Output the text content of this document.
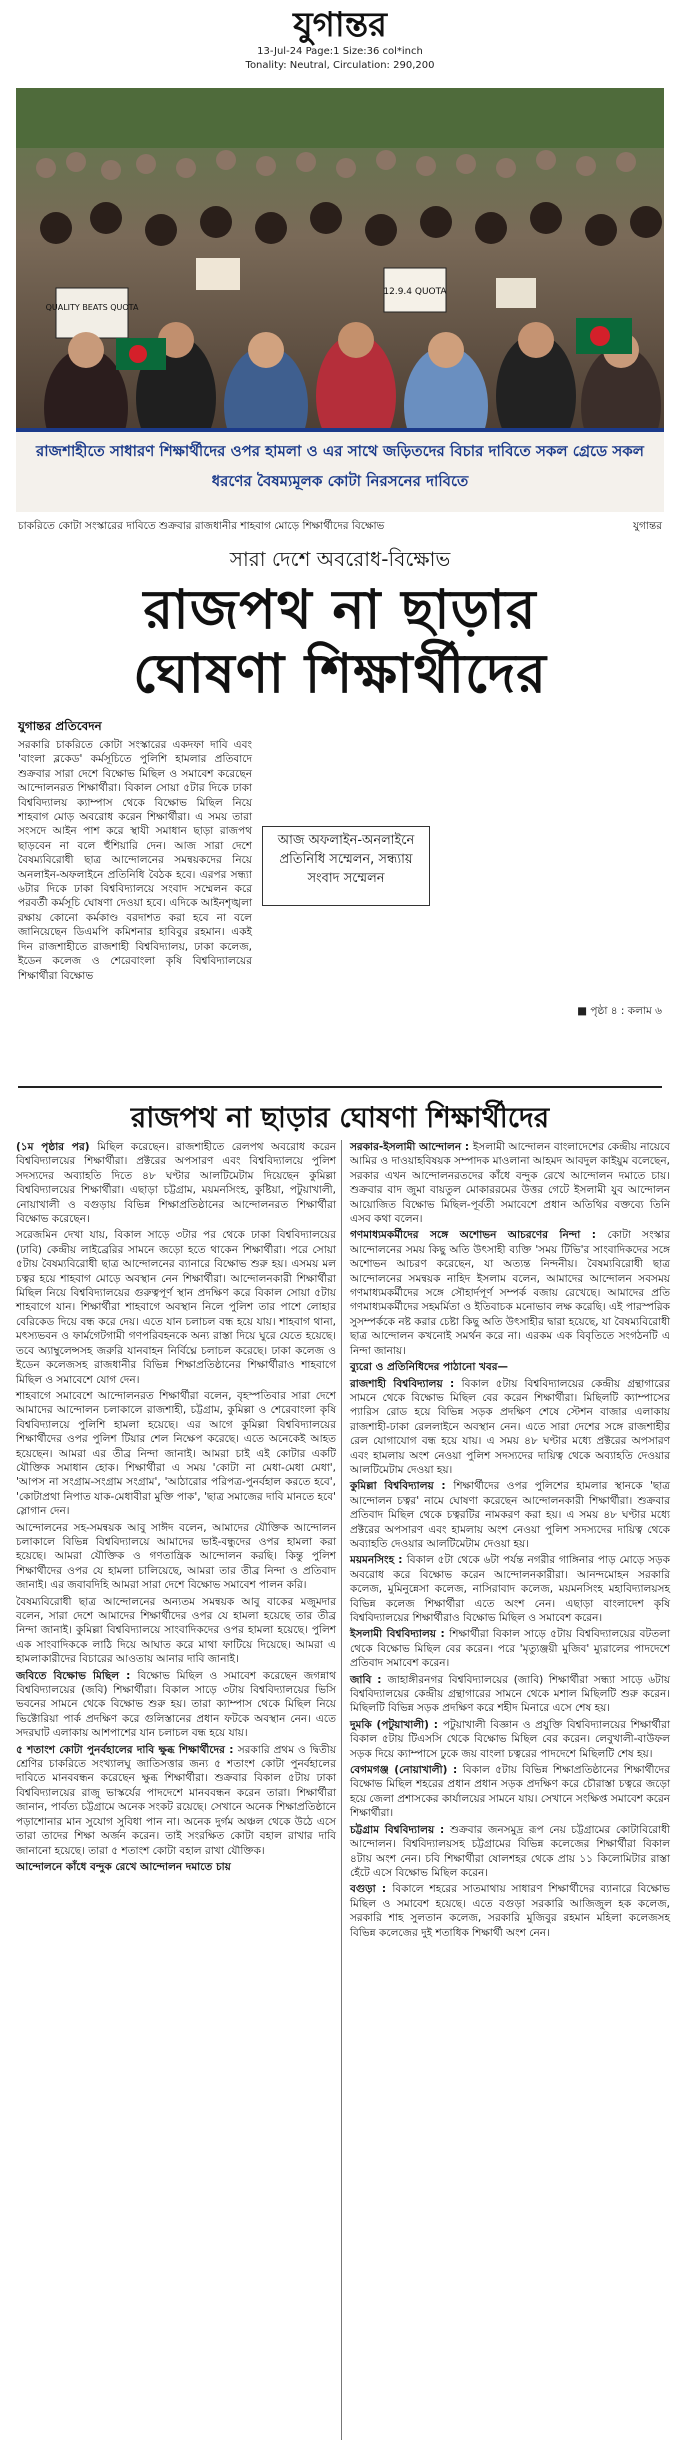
যুগান্তর
13-Jul-24 Page:1 Size:36 col*inch
Tonality: Neutral, Circulation: 290,200
QUALITY BEATS QUOTA
12.9.4 QUOTA
রাজশাহীতে সাধারণ শিক্ষার্থীদের ওপর হামলা ও এর সাথে জড়িতদের বিচার দাবিতে সকল গ্রেডে সকল ধরণের বৈষম্যমূলক কোটা নিরসনের দাবিতে
চাকরিতে কোটা সংস্কারের দাবিতে শুক্রবার রাজধানীর শাহবাগ মোড়ে শিক্ষার্থীদের বিক্ষোভ	যুগান্তর
সারা দেশে অবরোধ-বিক্ষোভ
রাজপথ না ছাড়ার
ঘোষণা শিক্ষার্থীদের
যুগান্তর প্রতিবেদন
সরকারি চাকরিতে কোটা সংস্কারের একদফা দাবি এবং 'বাংলা ব্লকেড' কর্মসূচিতে পুলিশি হামলার প্রতিবাদে শুক্রবার সারা দেশে বিক্ষোভ মিছিল ও সমাবেশ করেছেন আন্দোলনরত শিক্ষার্থীরা। বিকাল সোয়া ৫টার দিকে ঢাকা বিশ্ববিদ্যালয় ক্যাম্পাস থেকে বিক্ষোভ মিছিল নিয়ে শাহবাগ মোড় অবরোধ করেন শিক্ষার্থীরা। এ সময় তারা সংসদে আইন পাশ করে স্থাযী সমাধান ছাড়া রাজপথ ছাড়বেন না বলে হুঁশিয়ারি দেন। আজ সারা দেশে বৈষম্যবিরোধী ছাত্র আন্দোলনের সমন্বয়কদের নিয়ে অনলাইন-অফলাইনে প্রতিনিধি বৈঠক হবে। এরপর সন্ধ্যা ৬টার দিকে ঢাকা বিশ্ববিদ্যালয়ে সংবাদ সম্মেলন করে পরবর্তী কর্মসূচি ঘোষণা দেওয়া হবে। এদিকে আইনশৃঙ্খলা রক্ষায় কোনো কর্মকাণ্ড বরদাশত করা হবে না বলে জানিয়েছেন ডিএমপি কমিশনার হাবিবুর রহমান। একই দিন রাজশাহীতে রাজশাহী বিশ্ববিদ্যালয়, ঢাকা কলেজ, ইডেন কলেজ ও শেরেবাংলা কৃষি বিশ্ববিদ্যালয়ের শিক্ষার্থীরা বিক্ষোভ
আজ অফলাইন-অনলাইনে
প্রতিনিধি সম্মেলন, সন্ধ্যায়
সংবাদ সম্মেলন
■ পৃষ্ঠা ৪ : কলাম ৬
রাজপথ না ছাড়ার ঘোষণা শিক্ষার্থীদের

(১ম পৃষ্ঠার পর) মিছিল করেছেন। রাজশাহীতে রেলপথ অবরোধ করেন বিশ্ববিদ্যালয়ের শিক্ষার্থীরা। প্রক্টরের অপসারণ এবং বিশ্ববিদ্যালয়ে পুলিশ সদস্যদের অব্যাহতি দিতে ৪৮ ঘণ্টার আলটিমেটাম দিয়েছেন কুমিল্লা বিশ্ববিদ্যালয়ের শিক্ষার্থীরা। এছাড়া চট্টগ্রাম, ময়মনসিংহ, কুষ্টিয়া, পটুয়াখালী, নোয়াখালী ও বগুড়ায় বিভিন্ন শিক্ষাপ্রতিষ্ঠানের আন্দোলনরত শিক্ষার্থীরা বিক্ষোভ করেছেন।

সরেজমিন দেখা যায়, বিকাল সাড়ে ৩টার পর থেকে ঢাকা বিশ্ববিদ্যালয়ের (ঢাবি) কেন্দ্রীয় লাইব্রেরির সামনে জড়ো হতে থাকেন শিক্ষার্থীরা। পরে সোয়া ৫টায় বৈষম্যবিরোধী ছাত্র আন্দোলনের ব্যানারে বিক্ষোভ শুরু হয়। এসময় মল চত্বর হয়ে শাহবাগ মোড়ে অবস্থান নেন শিক্ষার্থীরা। আন্দোলনকারী শিক্ষার্থীরা মিছিল নিয়ে বিশ্ববিদ্যালয়ের গুরুত্বপূর্ণ স্থান প্রদক্ষিণ করে বিকাল সোয়া ৫টায় শাহবাগে যান। শিক্ষার্থীরা শাহবাগে অবস্থান নিলে পুলিশ তার পাশে লোহার বেরিকেড দিয়ে বন্ধ করে দেয়। এতে যান চলাচল বন্ধ হয়ে যায়। শাহবাগ থানা, মৎস্যভবন ও ফার্মগেটগামী গণপরিবহনকে অন্য রাস্তা দিয়ে ঘুরে যেতে হয়েছে। তবে অ্যাম্বুলেন্সসহ জরুরি যানবাহন নির্বিঘ্নে চলাচল করেছে। ঢাকা কলেজ ও ইডেন কলেজসহ রাজধানীর বিভিন্ন শিক্ষাপ্রতিষ্ঠানের শিক্ষার্থীরাও শাহবাগে মিছিল ও সমাবেশে যোগ দেন।

শাহবাগে সমাবেশে আন্দোলনরত শিক্ষার্থীরা বলেন, বৃহস্পতিবার সারা দেশে আমাদের আন্দোলন চলাকালে রাজশাহী, চট্টগ্রাম, কুমিল্লা ও শেরেবাংলা কৃষি বিশ্ববিদ্যালয়ে পুলিশি হামলা হয়েছে। এর আগে কুমিল্লা বিশ্ববিদ্যালয়ের শিক্ষার্থীদের ওপর পুলিশ টিয়ার শেল নিক্ষেপ করেছে। এতে অনেকেই আহত হয়েছেন। আমরা এর তীব্র নিন্দা জানাই। আমরা চাই এই কোটার একটি যৌক্তিক সমাধান হোক। শিক্ষার্থীরা এ সময় 'কোটা না মেধা-মেধা মেধা', 'আপস না সংগ্রাম-সংগ্রাম সংগ্রাম', 'আঠারোর পরিপত্র-পুনর্বহাল করতে হবে', 'কোটাপ্রথা নিপাত যাক-মেধাবীরা মুক্তি পাক', 'ছাত্র সমাজের দাবি মানতে হবে' স্লোগান দেন।

আন্দোলনের সহ-সমন্বয়ক আবু সাঈদ বলেন, আমাদের যৌক্তিক আন্দোলন চলাকালে বিভিন্ন বিশ্ববিদ্যালয়ে আমাদের ভাই-বন্ধুদের ওপর হামলা করা হয়েছে। আমরা যৌক্তিক ও গণতান্ত্রিক আন্দোলন করছি। কিন্তু পুলিশ শিক্ষার্থীদের ওপর যে হামলা চালিয়েছে, আমরা তার তীব্র নিন্দা ও প্রতিবাদ জানাই। এর জবাবদিহি আমরা সারা দেশে বিক্ষোভ সমাবেশ পালন করি।

বৈষম্যবিরোধী ছাত্র আন্দোলনের অন্যতম সমন্বয়ক আবু বাকের মজুমদার বলেন, সারা দেশে আমাদের শিক্ষার্থীদের ওপর যে হামলা হয়েছে তার তীব্র নিন্দা জানাই। কুমিল্লা বিশ্ববিদ্যালয়ে সাংবাদিকদের ওপর হামলা হয়েছে। পুলিশ এক সাংবাদিককে লাঠি দিয়ে আঘাত করে মাথা ফাটিয়ে দিয়েছে। আমরা এ হামলাকারীদের বিচারের আওতায় আনার দাবি জানাই।

জবিতে বিক্ষোভ মিছিল : বিক্ষোভ মিছিল ও সমাবেশ করেছেন জগন্নাথ বিশ্ববিদ্যালয়ের (জবি) শিক্ষার্থীরা। বিকাল সাড়ে ৩টায় বিশ্ববিদ্যালয়ের ভিসি ভবনের সামনে থেকে বিক্ষোভ শুরু হয়। তারা ক্যাম্পাস থেকে মিছিল নিয়ে ভিক্টোরিয়া পার্ক প্রদক্ষিণ করে গুলিস্তানের প্রধান ফটকে অবস্থান নেন। এতে সদরঘাট এলাকায় আশপাশের যান চলাচল বন্ধ হয়ে যায়।

৫ শতাংশ কোটা পুনর্বহালের দাবি ক্ষুব্ধ শিক্ষার্থীদের : সরকারি প্রথম ও দ্বিতীয় শ্রেণির চাকরিতে সংখ্যালঘু জাতিসত্তার জন্য ৫ শতাংশ কোটা পুনর্বহালের দাবিতে মানববন্ধন করেছেন ক্ষুব্ধ শিক্ষার্থীরা। শুক্রবার বিকাল ৫টায় ঢাকা বিশ্ববিদ্যালয়ের রাজু ভাস্কর্যের পাদদেশে মানববন্ধন করেন তারা। শিক্ষার্থীরা জানান, পার্বত্য চট্টগ্রামে অনেক সংকট রয়েছে। সেখানে অনেক শিক্ষাপ্রতিষ্ঠানে পড়াশোনার মান সুযোগ সুবিধা পান না। অনেক দুর্গম অঞ্চল থেকে উঠে এসে তারা তাদের শিক্ষা অর্জন করেন। তাই সংরক্ষিত কোটা বহাল রাখার দাবি জানানো হয়েছে। তারা ৫ শতাংশ কোটা বহাল রাখা যৌক্তিক।

আন্দোলনে কাঁধে বন্দুক রেখে আন্দোলন দমাতে চায়

সরকার-ইসলামী আন্দোলন : ইসলামী আন্দোলন বাংলাদেশের কেন্দ্রীয় নায়েবে আমির ও দাওয়াহবিষয়ক সম্পাদক মাওলানা আহমদ আবদুল কাইয়ুম বলেছেন, সরকার এখন আন্দোলনরতদের কাঁধে বন্দুক রেখে আন্দোলন দমাতে চায়। শুক্রবার বাদ জুমা বায়তুল মোকাররমের উত্তর গেটে ইসলামী যুব আন্দোলন আয়োজিত বিক্ষোভ মিছিল-পূর্বতী সমাবেশে প্রধান অতিথির বক্তব্যে তিনি এসব কথা বলেন।

গণমাধ্যমকর্মীদের সঙ্গে অশোভন আচরণের নিন্দা : কোটা সংস্কার আন্দোলনের সময় কিছু অতি উৎসাহী ব্যক্তি 'সময় টিভি'র সাংবাদিকদের সঙ্গে অশোভন আচরণ করেছেন, যা অত্যন্ত নিন্দনীয়। বৈষম্যবিরোধী ছাত্র আন্দোলনের সমন্বয়ক নাহিদ ইসলাম বলেন, আমাদের আন্দোলন সবসময় গণমাধ্যমকর্মীদের সঙ্গে সৌহার্দপূর্ণ সম্পর্ক বজায় রেখেছে। আমাদের প্রতি গণমাধ্যমকর্মীদের সহমর্মিতা ও ইতিবাচক মনোভাব লক্ষ করেছি। এই পারস্পরিক সুসম্পর্ককে নষ্ট করার চেষ্টা কিছু অতি উৎসাহীর দ্বারা হয়েছে, যা বৈষম্যবিরোধী ছাত্র আন্দোলন কখনোই সমর্থন করে না। এরকম এক বিবৃতিতে সংগঠনটি এ নিন্দা জানায়।

ব্যুরো ও প্রতিনিধিদের পাঠানো খবর—

রাজশাহী বিশ্ববিদ্যালয় : বিকাল ৫টায় বিশ্ববিদ্যালয়ের কেন্দ্রীয় গ্রন্থাগারের সামনে থেকে বিক্ষোভ মিছিল বের করেন শিক্ষার্থীরা। মিছিলটি ক্যাম্পাসের প্যারিস রোড হয়ে বিভিন্ন সড়ক প্রদক্ষিণ শেষে স্টেশন বাজার এলাকায় রাজশাহী-ঢাকা রেললাইনে অবস্থান নেন। এতে সারা দেশের সঙ্গে রাজশাহীর রেল যোগাযোগ বন্ধ হয়ে যায়। এ সময় ৪৮ ঘণ্টার মধ্যে প্রক্টরের অপসারণ এবং হামলায় অংশ নেওয়া পুলিশ সদস্যদের দায়িত্ব থেকে অব্যাহতি দেওয়ার আলটিমেটাম দেওয়া হয়।

কুমিল্লা বিশ্ববিদ্যালয় : শিক্ষার্থীদের ওপর পুলিশের হামলার স্থানকে 'ছাত্র আন্দোলন চত্বর' নামে ঘোষণা করেছেন আন্দোলনকারী শিক্ষার্থীরা। শুক্রবার প্রতিবাদ মিছিল থেকে চত্বরটির নামকরণ করা হয়। এ সময় ৪৮ ঘণ্টার মধ্যে প্রক্টরের অপসারণ এবং হামলায় অংশ নেওয়া পুলিশ সদস্যদের দায়িত্ব থেকে অব্যাহতি দেওয়ার আলটিমেটাম দেওয়া হয়।

ময়মনসিংহ : বিকাল ৫টা থেকে ৬টা পর্যন্ত নগরীর গাঙ্গিনার পাড় মোড়ে সড়ক অবরোধ করে বিক্ষোভ করেন আন্দোলনকারীরা। আনন্দমোহন সরকারি কলেজ, মুমিনুন্নেসা কলেজ, নাসিরাবাদ কলেজ, ময়মনসিংহ মহাবিদ্যালয়সহ বিভিন্ন কলেজ শিক্ষার্থীরা এতে অংশ নেন। এছাড়া বাংলাদেশ কৃষি বিশ্ববিদ্যালয়ের শিক্ষার্থীরাও বিক্ষোভ মিছিল ও সমাবেশ করেন।

ইসলামী বিশ্ববিদ্যালয় : শিক্ষার্থীরা বিকাল সাড়ে ৫টায় বিশ্ববিদ্যালয়ের বটতলা থেকে বিক্ষোভ মিছিল বের করেন। পরে 'মৃত্যুঞ্জয়ী মুজিব' ম্যুরালের পাদদেশে প্রতিবাদ সমাবেশ করেন।

জাবি : জাহাঙ্গীরনগর বিশ্ববিদ্যালয়ের (জাবি) শিক্ষার্থীরা সন্ধ্যা সাড়ে ৬টায় বিশ্ববিদ্যালয়ের কেন্দ্রীয় গ্রন্থাগারের সামনে থেকে মশাল মিছিলটি শুরু করেন। মিছিলটি বিভিন্ন সড়ক প্রদক্ষিণ করে শহীদ মিনারে এসে শেষ হয়।

দুমকি (পটুয়াখালী) : পটুয়াখালী বিজ্ঞান ও প্রযুক্তি বিশ্ববিদ্যালয়ের শিক্ষার্থীরা বিকাল ৫টায় টিএসসি থেকে বিক্ষোভ মিছিল বের করেন। লেবুখালী-বাউফল সড়ক দিয়ে ক্যাম্পাসে ঢুকে জয় বাংলা চত্বরের পাদদেশে মিছিলটি শেষ হয়।

বেগমগঞ্জ (নোয়াখালী) : বিকাল ৫টায় বিভিন্ন শিক্ষাপ্রতিষ্ঠানের শিক্ষার্থীদের বিক্ষোভ মিছিল শহরের প্রধান প্রধান সড়ক প্রদক্ষিণ করে চৌরাস্তা চত্বরে জড়ো হয়ে জেলা প্রশাসকের কার্যালয়ের সামনে যায়। সেখানে সংক্ষিপ্ত সমাবেশ করেন শিক্ষার্থীরা।

চট্টগ্রাম বিশ্ববিদ্যালয় : শুক্রবার জনসমুদ্র রূপ নেয় চট্টগ্রামের কোটাবিরোধী আন্দোলন। বিশ্ববিদ্যালয়সহ চট্টগ্রামের বিভিন্ন কলেজের শিক্ষার্থীরা বিকাল ৪টায় অংশ নেন। চবি শিক্ষার্থীরা ষোলশহর থেকে প্রায় ১১ কিলোমিটার রাস্তা হেঁটে এসে বিক্ষোভ মিছিল করেন।

বগুড়া : বিকালে শহরের সাতমাথায় সাধারণ শিক্ষার্থীদের ব্যানারে বিক্ষোভ মিছিল ও সমাবেশ হয়েছে। এতে বগুড়া সরকারি আজিজুল হক কলেজ, সরকারি শাহ সুলতান কলেজ, সরকারি মুজিবুর রহমান মহিলা কলেজসহ বিভিন্ন কলেজের দুই শতাধিক শিক্ষার্থী অংশ নেন।
